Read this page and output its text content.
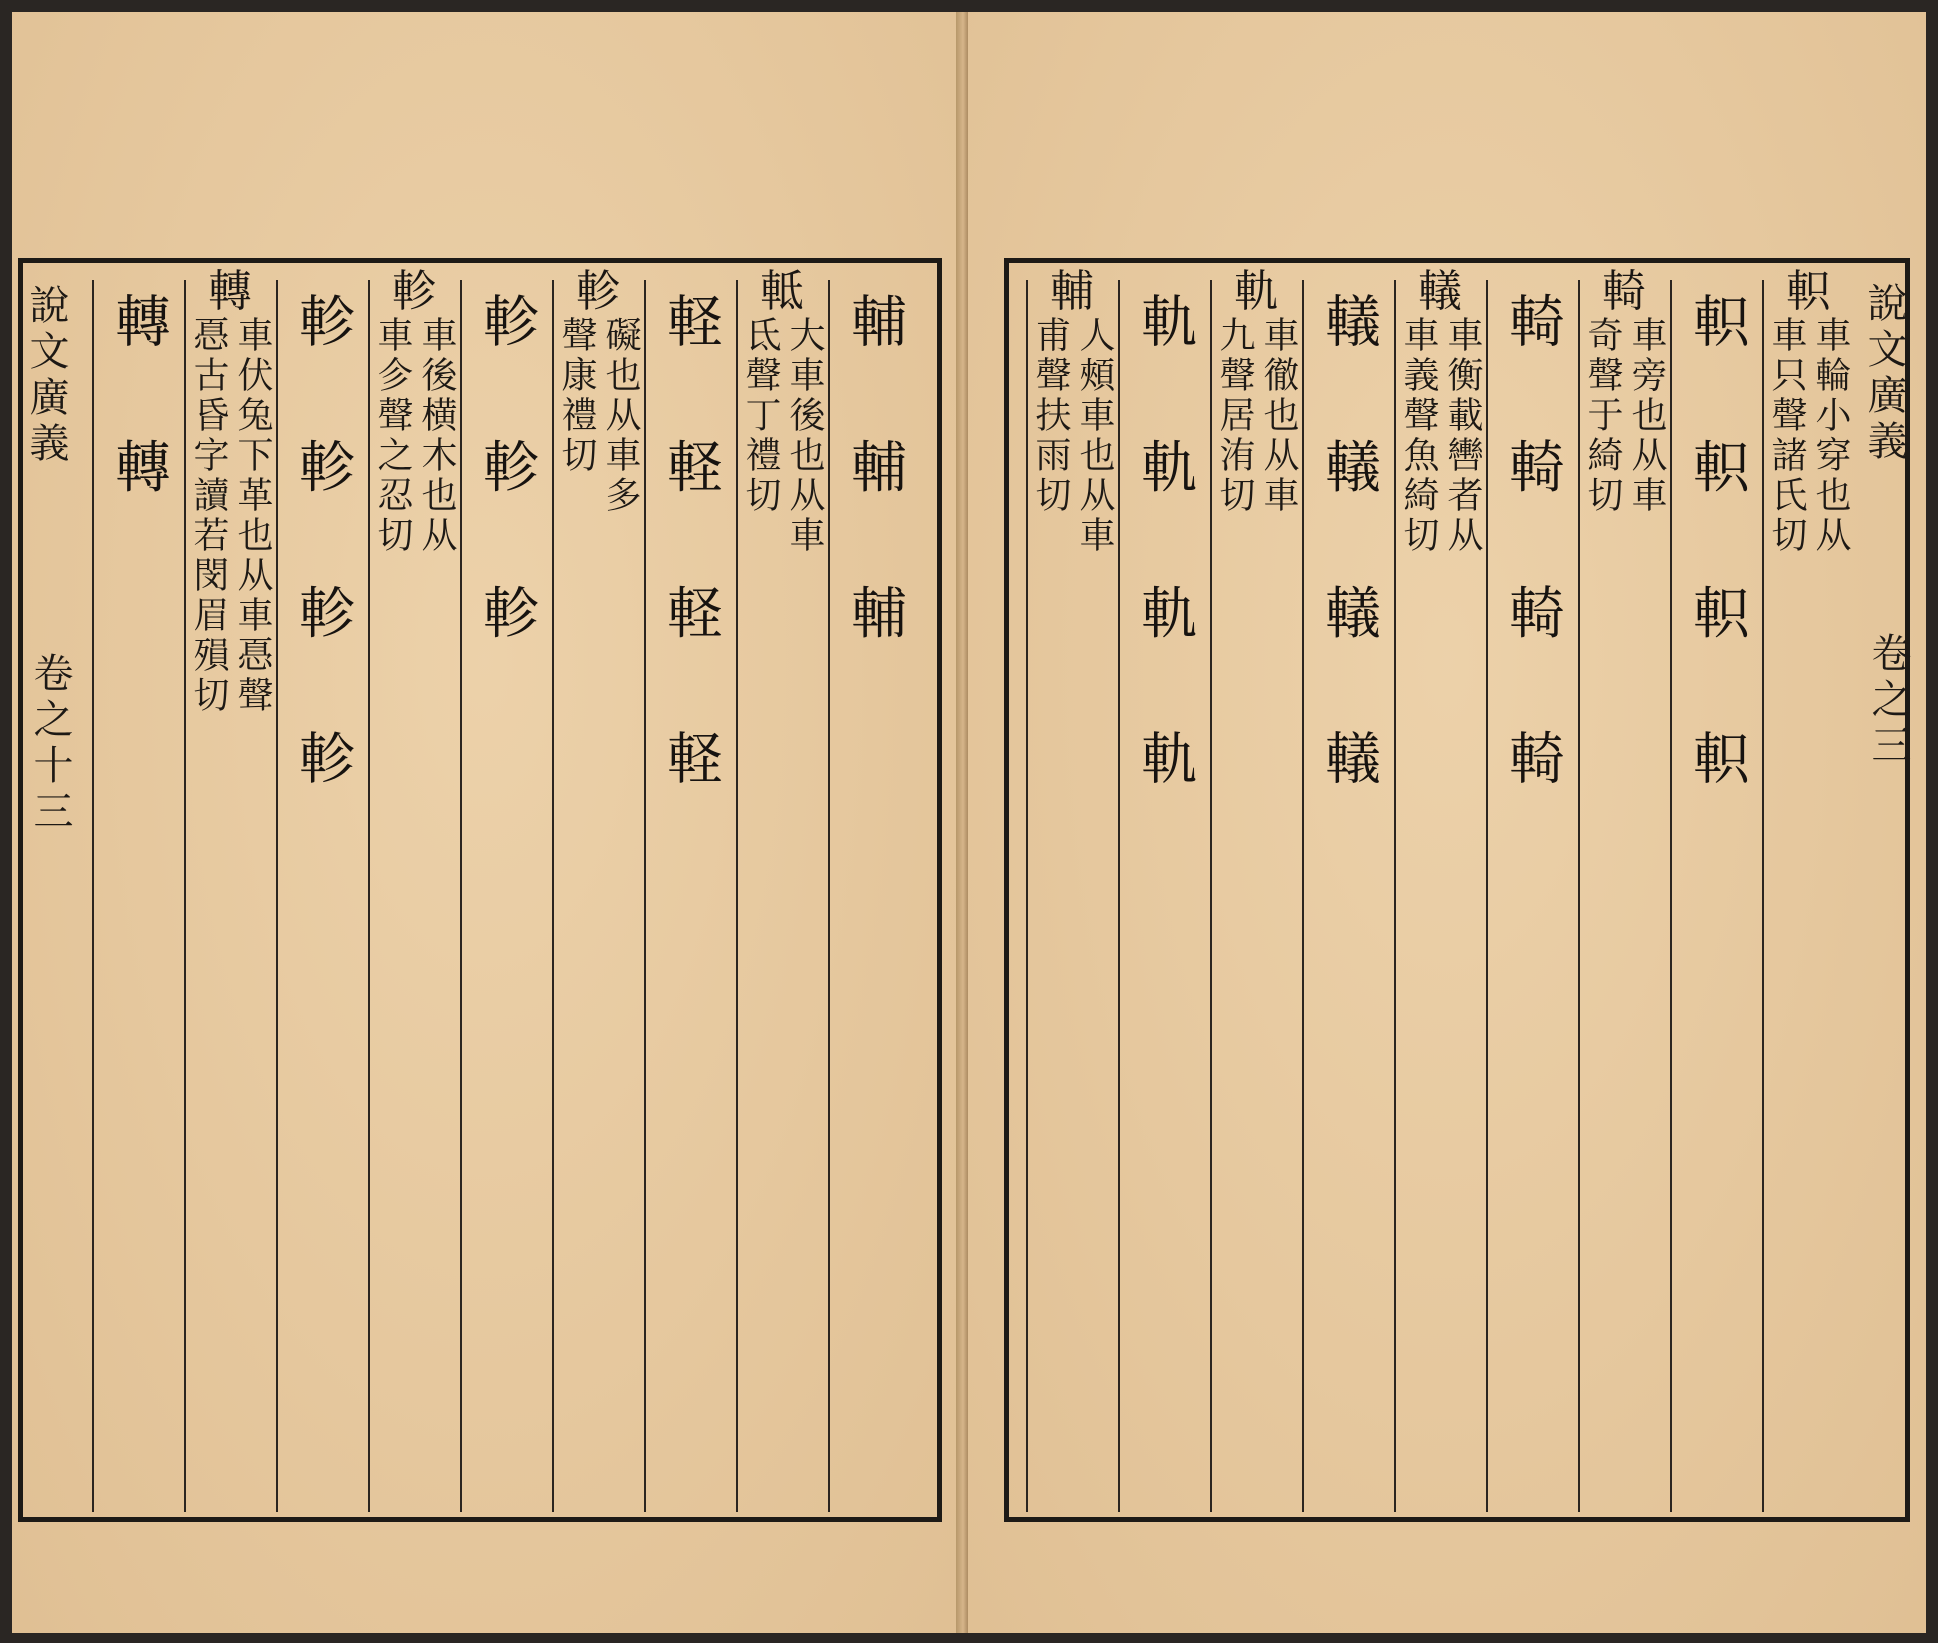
說文廣義
卷之十三
輔 輔 輔
軧
大車後也从車
氐聲丁禮切
軽 軽 軽 軽
軫
礙也从車多
聲康禮切
軫 軫 軫
軫
車後横木也从
車㐱聲之忍切
軫 軫 軫 軫
轉
車伏兔下革也从車㥑聲
㥑古昏字讀若閔眉殞切
轉 轉	說文廣義
卷之三
軹
車輪小穿也从
車只聲諸氏切
軹 軹 軹 軹
輢
車旁也从車
奇聲于綺切
輢 輢 輢 輢
轙
車衡載轡者从
車義聲魚綺切
轙 轙 轙 轙
軌
車徹也从車
九聲居洧切
軌 軌 軌 軌
輔
人頰車也从車
甫聲扶雨切
